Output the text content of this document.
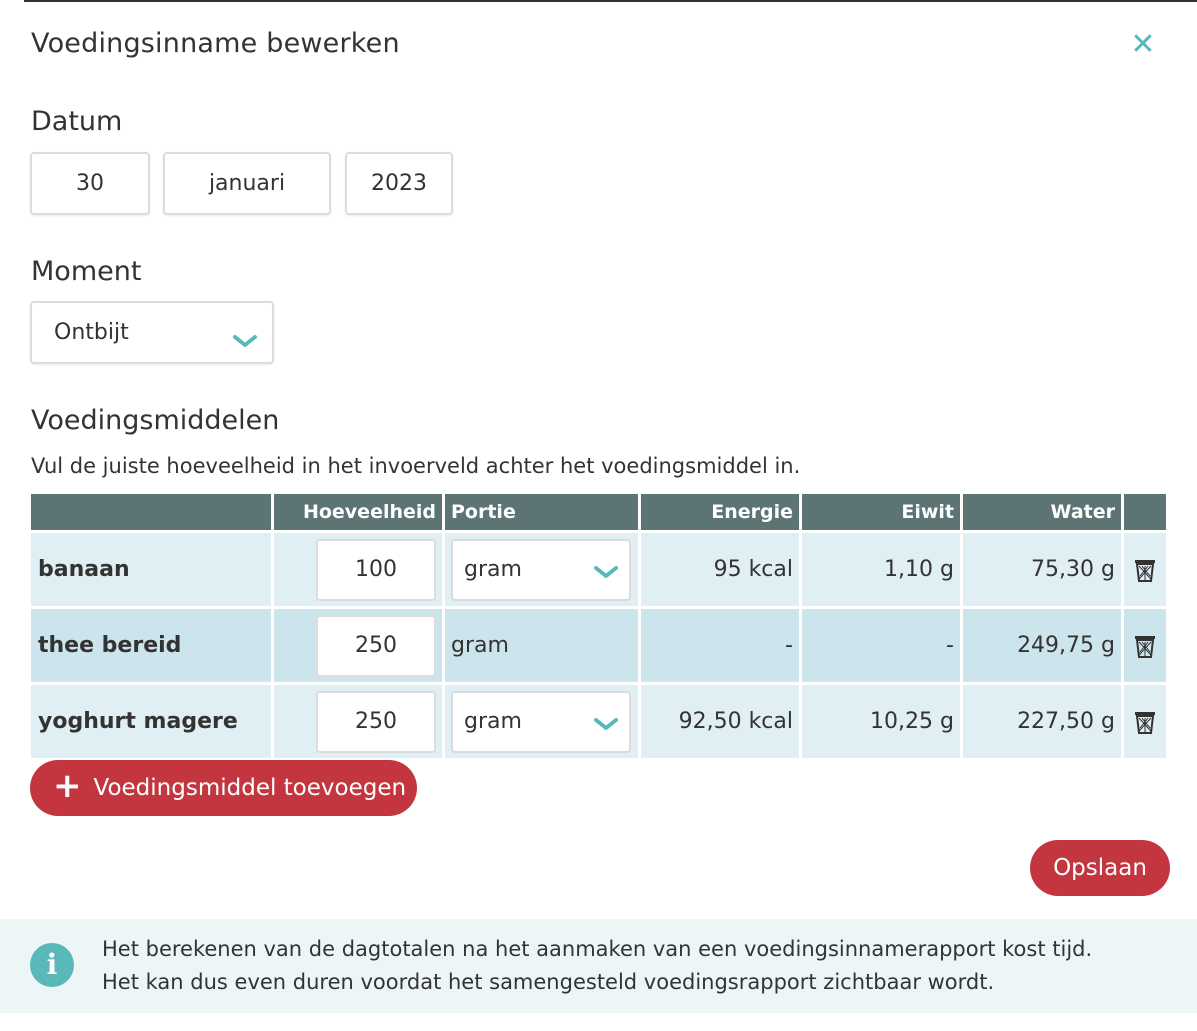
Voedingsinname bewerken	✕
Datum
30	januari	2023
Moment
Ontbijt
Voedingsmiddelen
Vul de juiste hoeveelheid in het invoerveld achter het voedingsmiddel in.
	Hoeveelheid	Portie	Energie	Eiwit	Water	
banaan	100	gram	95 kcal	1,10 g	75,30 g	
thee bereid	250	gram	-	-	249,75 g	
yoghurt magere	250	gram	92,50 kcal	10,25 g	227,50 g	
+ Voedingsmiddel toevoegen
Opslaan
i	Het berekenen van de dagtotalen na het aanmaken van een voedingsinnamerapport kost tijd.
Het kan dus even duren voordat het samengesteld voedingsrapport zichtbaar wordt.
